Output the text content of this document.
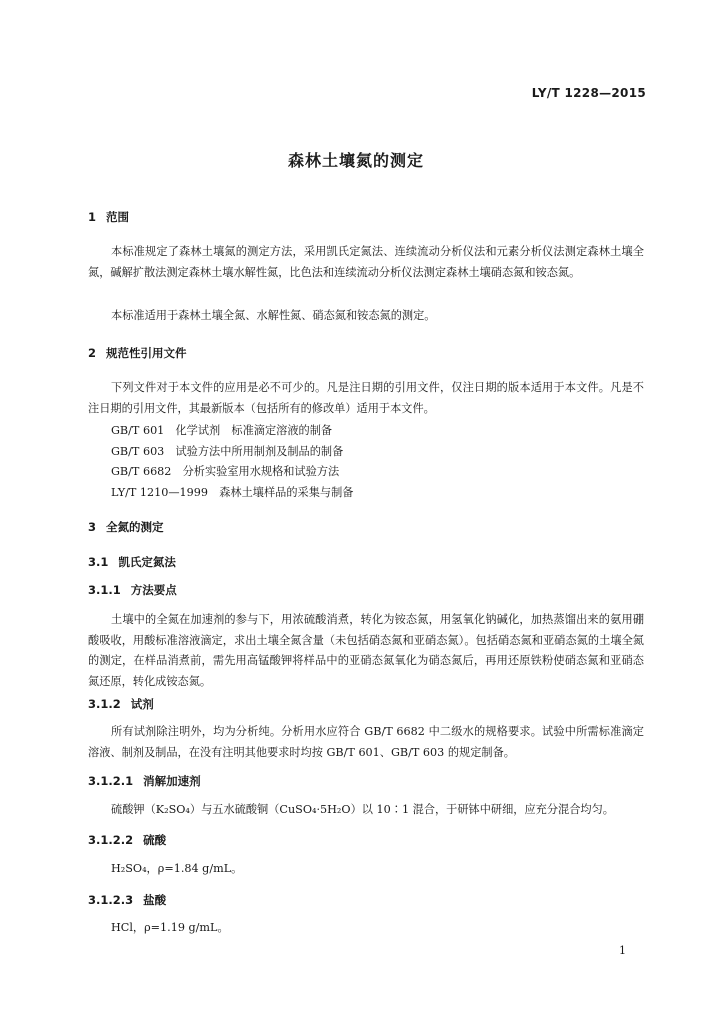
LY/T 1228—2015
森林土壤氮的测定
1 范围
本标准规定了森林土壤氮的测定方法，采用凯氏定氮法、连续流动分析仪法和元素分析仪法测定森林土壤全氮，碱解扩散法测定森林土壤水解性氮，比色法和连续流动分析仪法测定森林土壤硝态氮和铵态氮。
本标准适用于森林土壤全氮、水解性氮、硝态氮和铵态氮的测定。
2 规范性引用文件
下列文件对于本文件的应用是必不可少的。凡是注日期的引用文件，仅注日期的版本适用于本文件。凡是不注日期的引用文件，其最新版本（包括所有的修改单）适用于本文件。
GB/T 601　化学试剂　标准滴定溶液的制备
GB/T 603　试验方法中所用制剂及制品的制备
GB/T 6682　分析实验室用水规格和试验方法
LY/T 1210—1999　森林土壤样品的采集与制备
3 全氮的测定
3.1 凯氏定氮法
3.1.1 方法要点
土壤中的全氮在加速剂的参与下，用浓硫酸消煮，转化为铵态氮，用氢氧化钠碱化，加热蒸馏出来的氨用硼酸吸收，用酸标准溶液滴定，求出土壤全氮含量（未包括硝态氮和亚硝态氮）。包括硝态氮和亚硝态氮的土壤全氮的测定，在样品消煮前，需先用高锰酸钾将样品中的亚硝态氮氧化为硝态氮后，再用还原铁粉使硝态氮和亚硝态氮还原，转化成铵态氮。
3.1.2 试剂
所有试剂除注明外，均为分析纯。分析用水应符合 GB/T 6682 中二级水的规格要求。试验中所需标准滴定溶液、制剂及制品，在没有注明其他要求时均按 GB/T 601、GB/T 603 的规定制备。
3.1.2.1 消解加速剂
硫酸钾（K₂SO₄）与五水硫酸铜（CuSO₄·5H₂O）以 10∶1 混合，于研钵中研细，应充分混合均匀。
3.1.2.2 硫酸
H₂SO₄，ρ=1.84 g/mL。
3.1.2.3 盐酸
HCl，ρ=1.19 g/mL。
1
